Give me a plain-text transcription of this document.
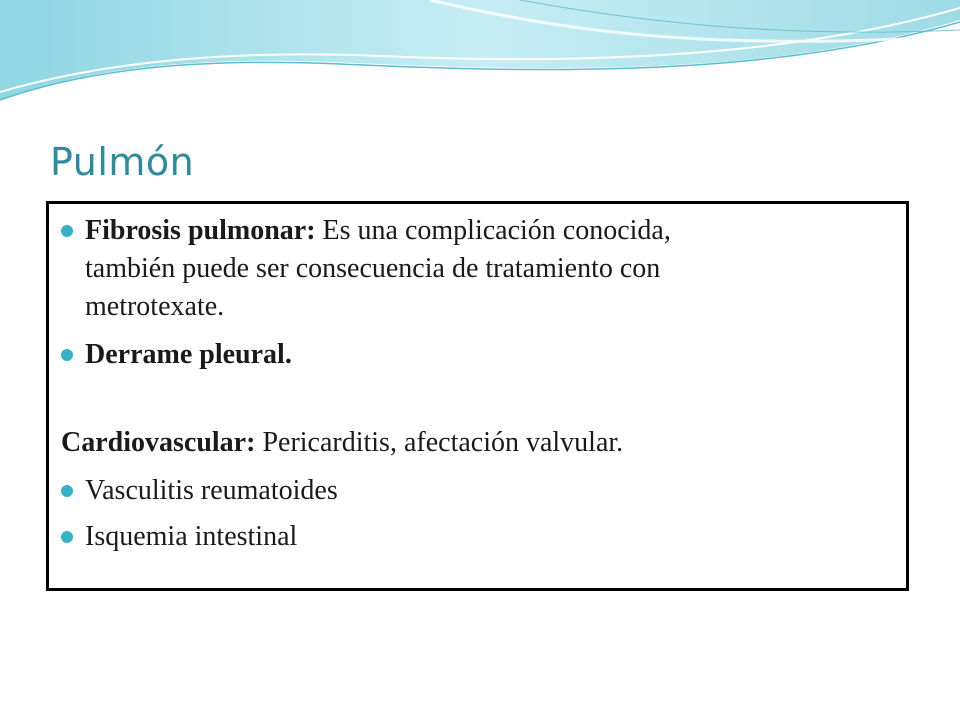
Pulmón
Fibrosis pulmonar: Es una complicación conocida,
también puede ser consecuencia de tratamiento con
metrotexate.
Derrame pleural.
Cardiovascular: Pericarditis, afectación valvular.
Vasculitis reumatoides
Isquemia intestinal
